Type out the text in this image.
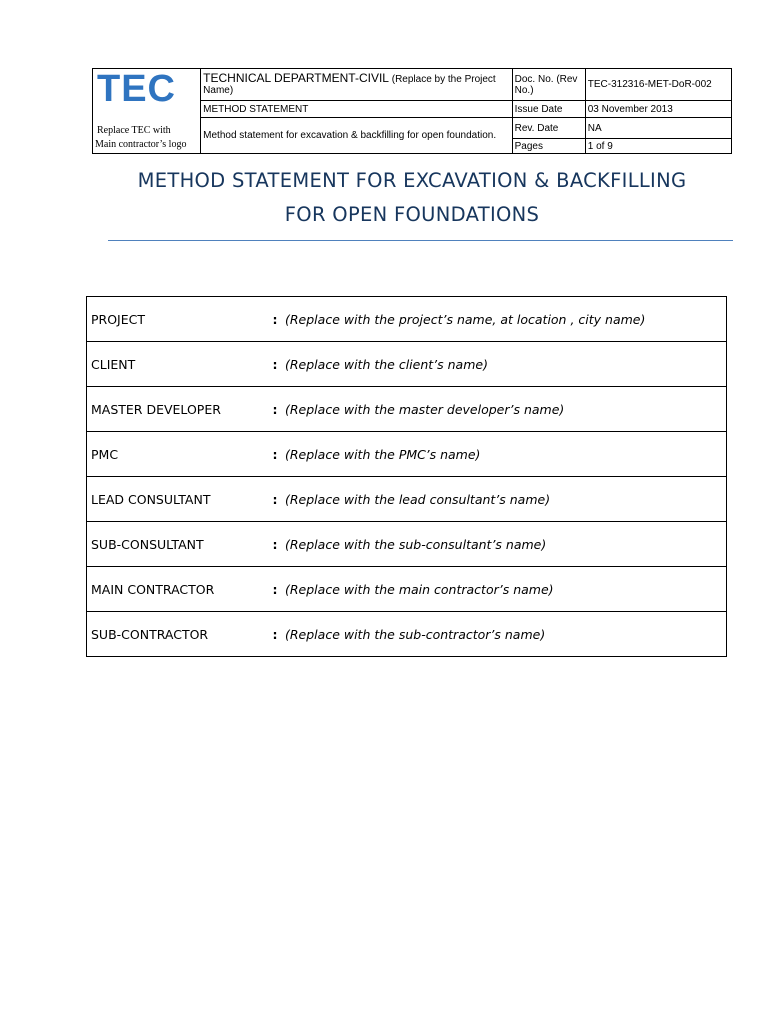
TEC
Replace TEC with
Main contractor’s logo	TECHNICAL DEPARTMENT-CIVIL (Replace by the Project Name)	Doc. No. (Rev No.)	TEC-312316-MET-DoR-002
	METHOD STATEMENT	Issue Date	03 November 2013
	Method statement for excavation & backfilling for open foundation.	Rev. Date	NA
		Pages	1 of 9
METHOD STATEMENT FOR EXCAVATION & BACKFILLING
FOR OPEN FOUNDATIONS
PROJECT	:	(Replace with the project’s name, at location , city name)
CLIENT	:	(Replace with the client’s name)
MASTER DEVELOPER	:	(Replace with the master developer’s name)
PMC	:	(Replace with the PMC’s name)
LEAD CONSULTANT	:	(Replace with the lead consultant’s name)
SUB-CONSULTANT	:	(Replace with the sub-consultant’s name)
MAIN CONTRACTOR	:	(Replace with the main contractor’s name)
SUB-CONTRACTOR	:	(Replace with the sub-contractor’s name)
